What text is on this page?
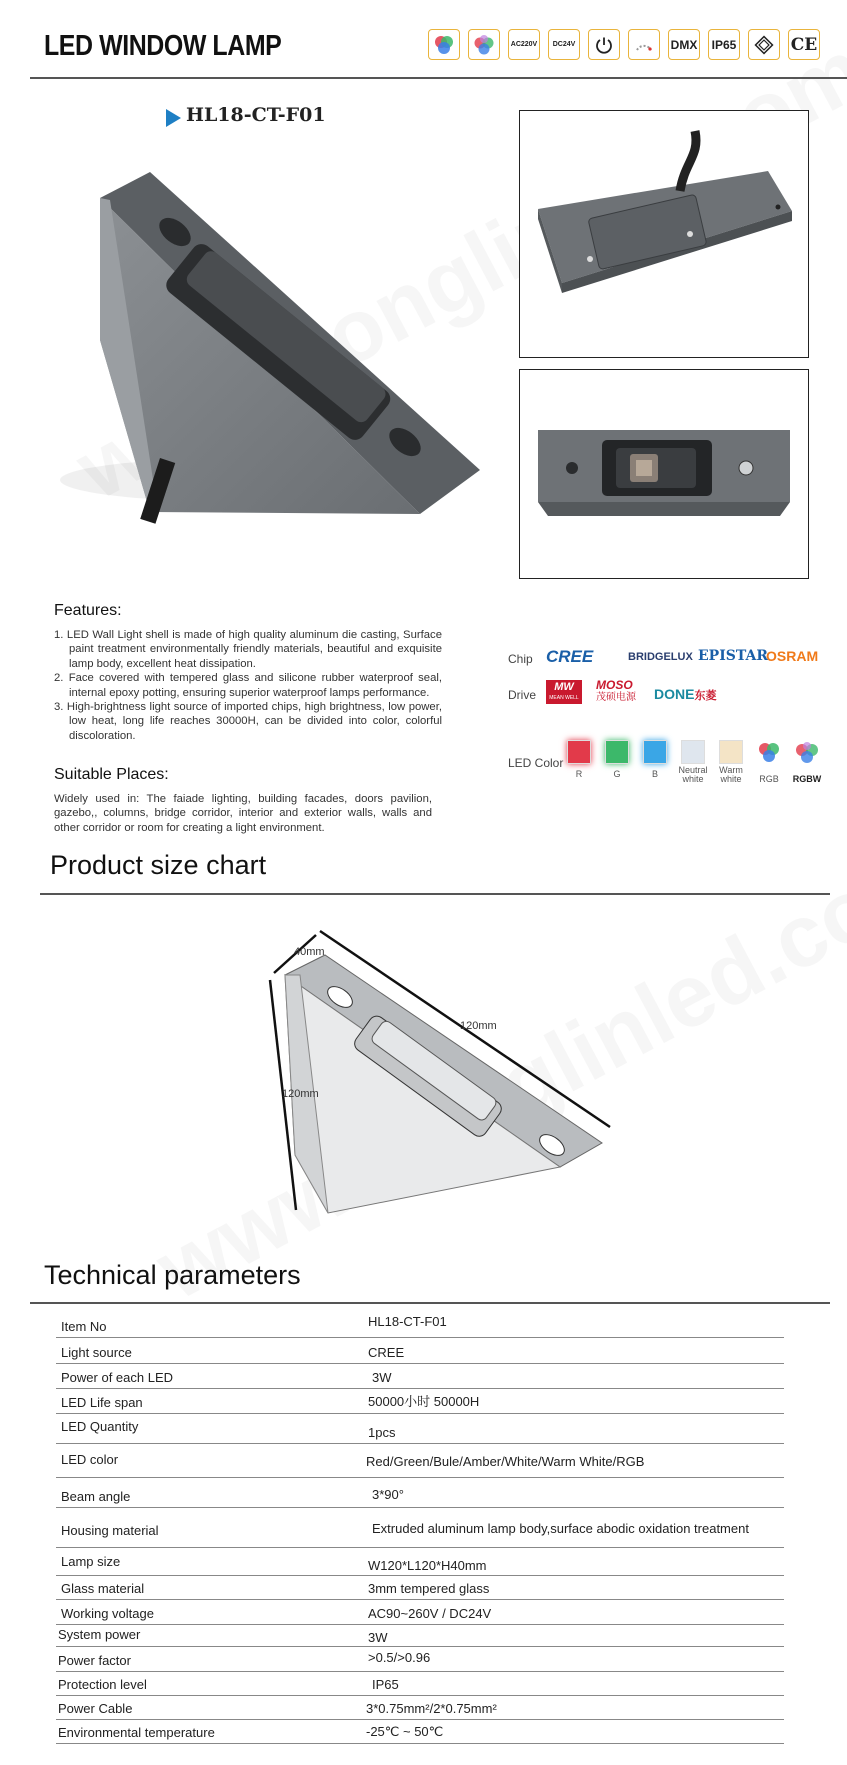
LED WINDOW LAMP	AC220V	DC24V	DMX	IP65	CE
HL18-CT-F01
Features:
1. LED Wall Light shell is made of high quality aluminum die casting, Surface paint treatment environmentally friendly materials, beautiful and exquisite lamp body, excellent heat dissipation.
2. Face covered with tempered glass and silicone rubber waterproof seal, internal epoxy potting, ensuring superior waterproof lamps performance.
3. High-brightness light source of imported chips, high brightness, low power, low heat, long life reaches 30000H, can be divided into color, colorful discoloration.
Suitable Places:
Widely used in: The faiade lighting, building facades, doors pavilion, gazebo,, columns, bridge corridor, interior and exterior walls, walls and other corridor or room for creating a light environment.
Chip CREE	BRIDGELUX EPISTAR
OSRAM
Drive
MW
MEAN WELL
MOSO
茂硕电源 DONE东菱
LED Color
R	G	B	Neutral white
Warm white	RGB	RGBW
Product size chart
40mm
120mm
120mm
Technical parameters
Item No	HL18-CT-F01
Light source	CREE
Power of each LED	3W
LED Life span	50000小时 50000H
LED Quantity	1pcs
LED color	Red/Green/Bule/Amber/White/Warm White/RGB
Beam angle	3*90°
Housing material	Extruded aluminum lamp body,surface abodic oxidation treatment
Lamp size	W120*L120*H40mm
Glass material	3mm tempered glass
Working voltage	AC90~260V / DC24V
System power	3W
Power factor	>0.5/>0.96
Protection level	IP65
Power Cable	3*0.75mm²/2*0.75mm²
Environmental temperature	-25℃ ~ 50℃
